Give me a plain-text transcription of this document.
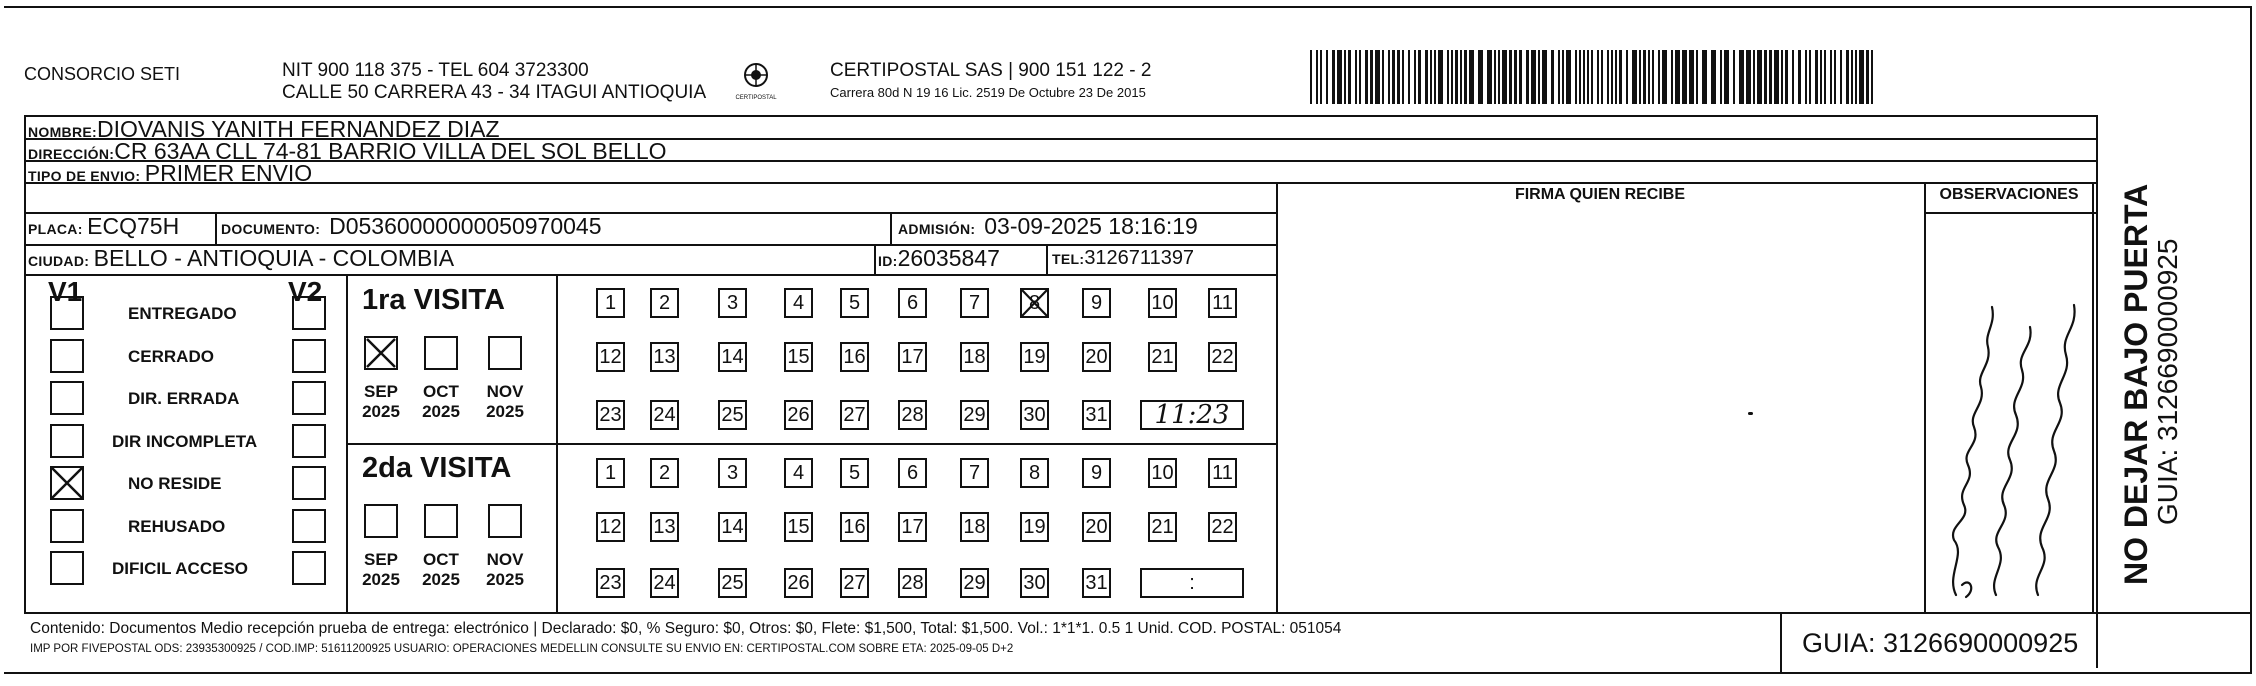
CONSORCIO SETI	NIT 900 118 375 - TEL 604 3723300
CALLE 50 CARRERA 43 - 34 ITAGUI ANTIOQUIA	CERTIPOSTAL
CERTIPOSTAL SAS | 900 151 122 - 2
Carrera 80d N 19 16 Lic. 2519 De Octubre 23 De 2015
NOMBRE:DIOVANIS YANITH FERNANDEZ DIAZ
DIRECCIÓN:CR 63AA CLL 74-81 BARRIO VILLA DEL SOL BELLO
TIPO DE ENVIO: PRIMER ENVIO
FIRMA QUIEN RECIBE	OBSERVACIONES
PLACA: ECQ75H	DOCUMENTO: D05360000000050970045	ADMISIÓN: 03-09-2025 18:16:19
CIUDAD: BELLO - ANTIOQUIA - COLOMBIA	ID:26035847	TEL:3126711397
V1	V2
ENTREGADO
CERRADO
DIR. ERRADA
DIR INCOMPLETA
NO RESIDE
REHUSADO
DIFICIL ACCESO
1ra VISITA
2da VISITA
SEP
2025
OCT
2025
NOV
2025
SEP
2025
OCT
2025
NOV
2025
1	2	3	4	5	6	7	8	9	10 11
12 13 14 15 16 17 18 19 20 21 22
23 24 25 26 27 28 29 30 31	11:23
1	2	3	4	5	6	7	8	9	10 11
12 13 14 15 16 17 18 19 20 21 22
23 24 25 26 27 28 29 30 31	:	NO DEJAR BAJO PUERTA
GUIA: 3126690000925
Contenido: Documentos Medio recepción prueba de entrega: electrónico | Declarado: $0, % Seguro: $0, Otros: $0, Flete: $1,500, Total: $1,500. Vol.: 1*1*1. 0.5 1 Unid. COD. POSTAL: 051054
IMP POR FIVEPOSTAL ODS: 23935300925 / COD.IMP: 51611200925 USUARIO: OPERACIONES MEDELLIN CONSULTE SU ENVIO EN: CERTIPOSTAL.COM SOBRE ETA: 2025-09-05 D+2	GUIA: 3126690000925
